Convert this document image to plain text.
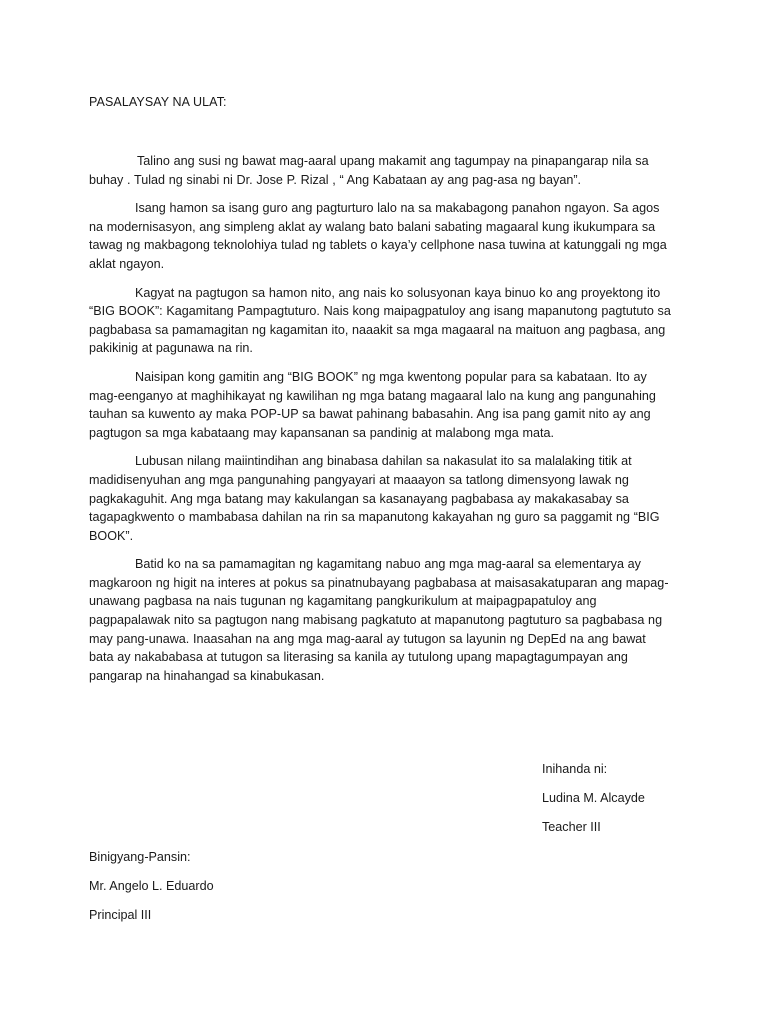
PASALAYSAY NA ULAT:

Talino ang susi ng bawat mag-aaral upang makamit ang tagumpay na pinapangarap nila sa buhay . Tulad ng sinabi ni Dr. Jose P. Rizal , “ Ang Kabataan ay ang pag-asa ng bayan”.

Isang hamon sa isang guro ang pagturturo lalo na sa makabagong panahon ngayon. Sa agos na modernisasyon, ang simpleng aklat ay walang bato balani sabating magaaral kung ikukumpara sa tawag ng makbagong teknolohiya tulad ng tablets o kaya’y cellphone nasa tuwina at katunggali ng mga aklat ngayon.

Kagyat na pagtugon sa hamon nito, ang nais ko solusyonan kaya binuo ko ang proyektong ito “BIG BOOK”: Kagamitang Pampagtuturo. Nais kong maipagpatuloy ang isang mapanutong pagtututo sa pagbabasa sa pamamagitan ng kagamitan ito, naaakit sa mga magaaral na maituon ang pagbasa, ang pakikinig at pagunawa na rin.

Naisipan kong gamitin ang “BIG BOOK” ng mga kwentong popular para sa kabataan. Ito ay mag-eenganyo at maghihikayat ng kawilihan ng mga batang magaaral lalo na kung ang pangunahing tauhan sa kuwento ay maka POP-UP sa bawat pahinang babasahin. Ang isa pang gamit nito ay ang pagtugon sa mga kabataang may kapansanan sa pandinig at malabong mga mata.

Lubusan nilang maiintindihan ang binabasa dahilan sa nakasulat ito sa malalaking titik at madidisenyuhan ang mga pangunahing pangyayari at maaayon sa tatlong dimensyong lawak ng pagkakaguhit. Ang mga batang may kakulangan sa kasanayang pagbabasa ay makakasabay sa tagapagkwento o mambabasa dahilan na rin sa mapanutong kakayahan ng guro sa paggamit ng “BIG BOOK”.

Batid ko na sa pamamagitan ng kagamitang nabuo ang mga mag-aaral sa elementarya ay magkaroon ng higit na interes at pokus sa pinatnubayang pagbabasa at maisasakatuparan ang mapag-unawang pagbasa na nais tugunan ng kagamitang pangkurikulum at maipagpapatuloy ang pagpapalawak nito sa pagtugon nang mabisang pagkatuto at mapanutong pagtuturo sa pagbabasa ng may pang-unawa. Inaasahan na ang mga mag-aaral ay tutugon sa layunin ng DepEd na ang bawat bata ay nakababasa at tutugon sa literasing sa kanila ay tutulong upang mapagtagumpayan ang pangarap na hinahangad sa kinabukasan.

Inihanda ni:

Ludina M. Alcayde

Teacher III

Binigyang-Pansin:

Mr. Angelo L. Eduardo

Principal III
